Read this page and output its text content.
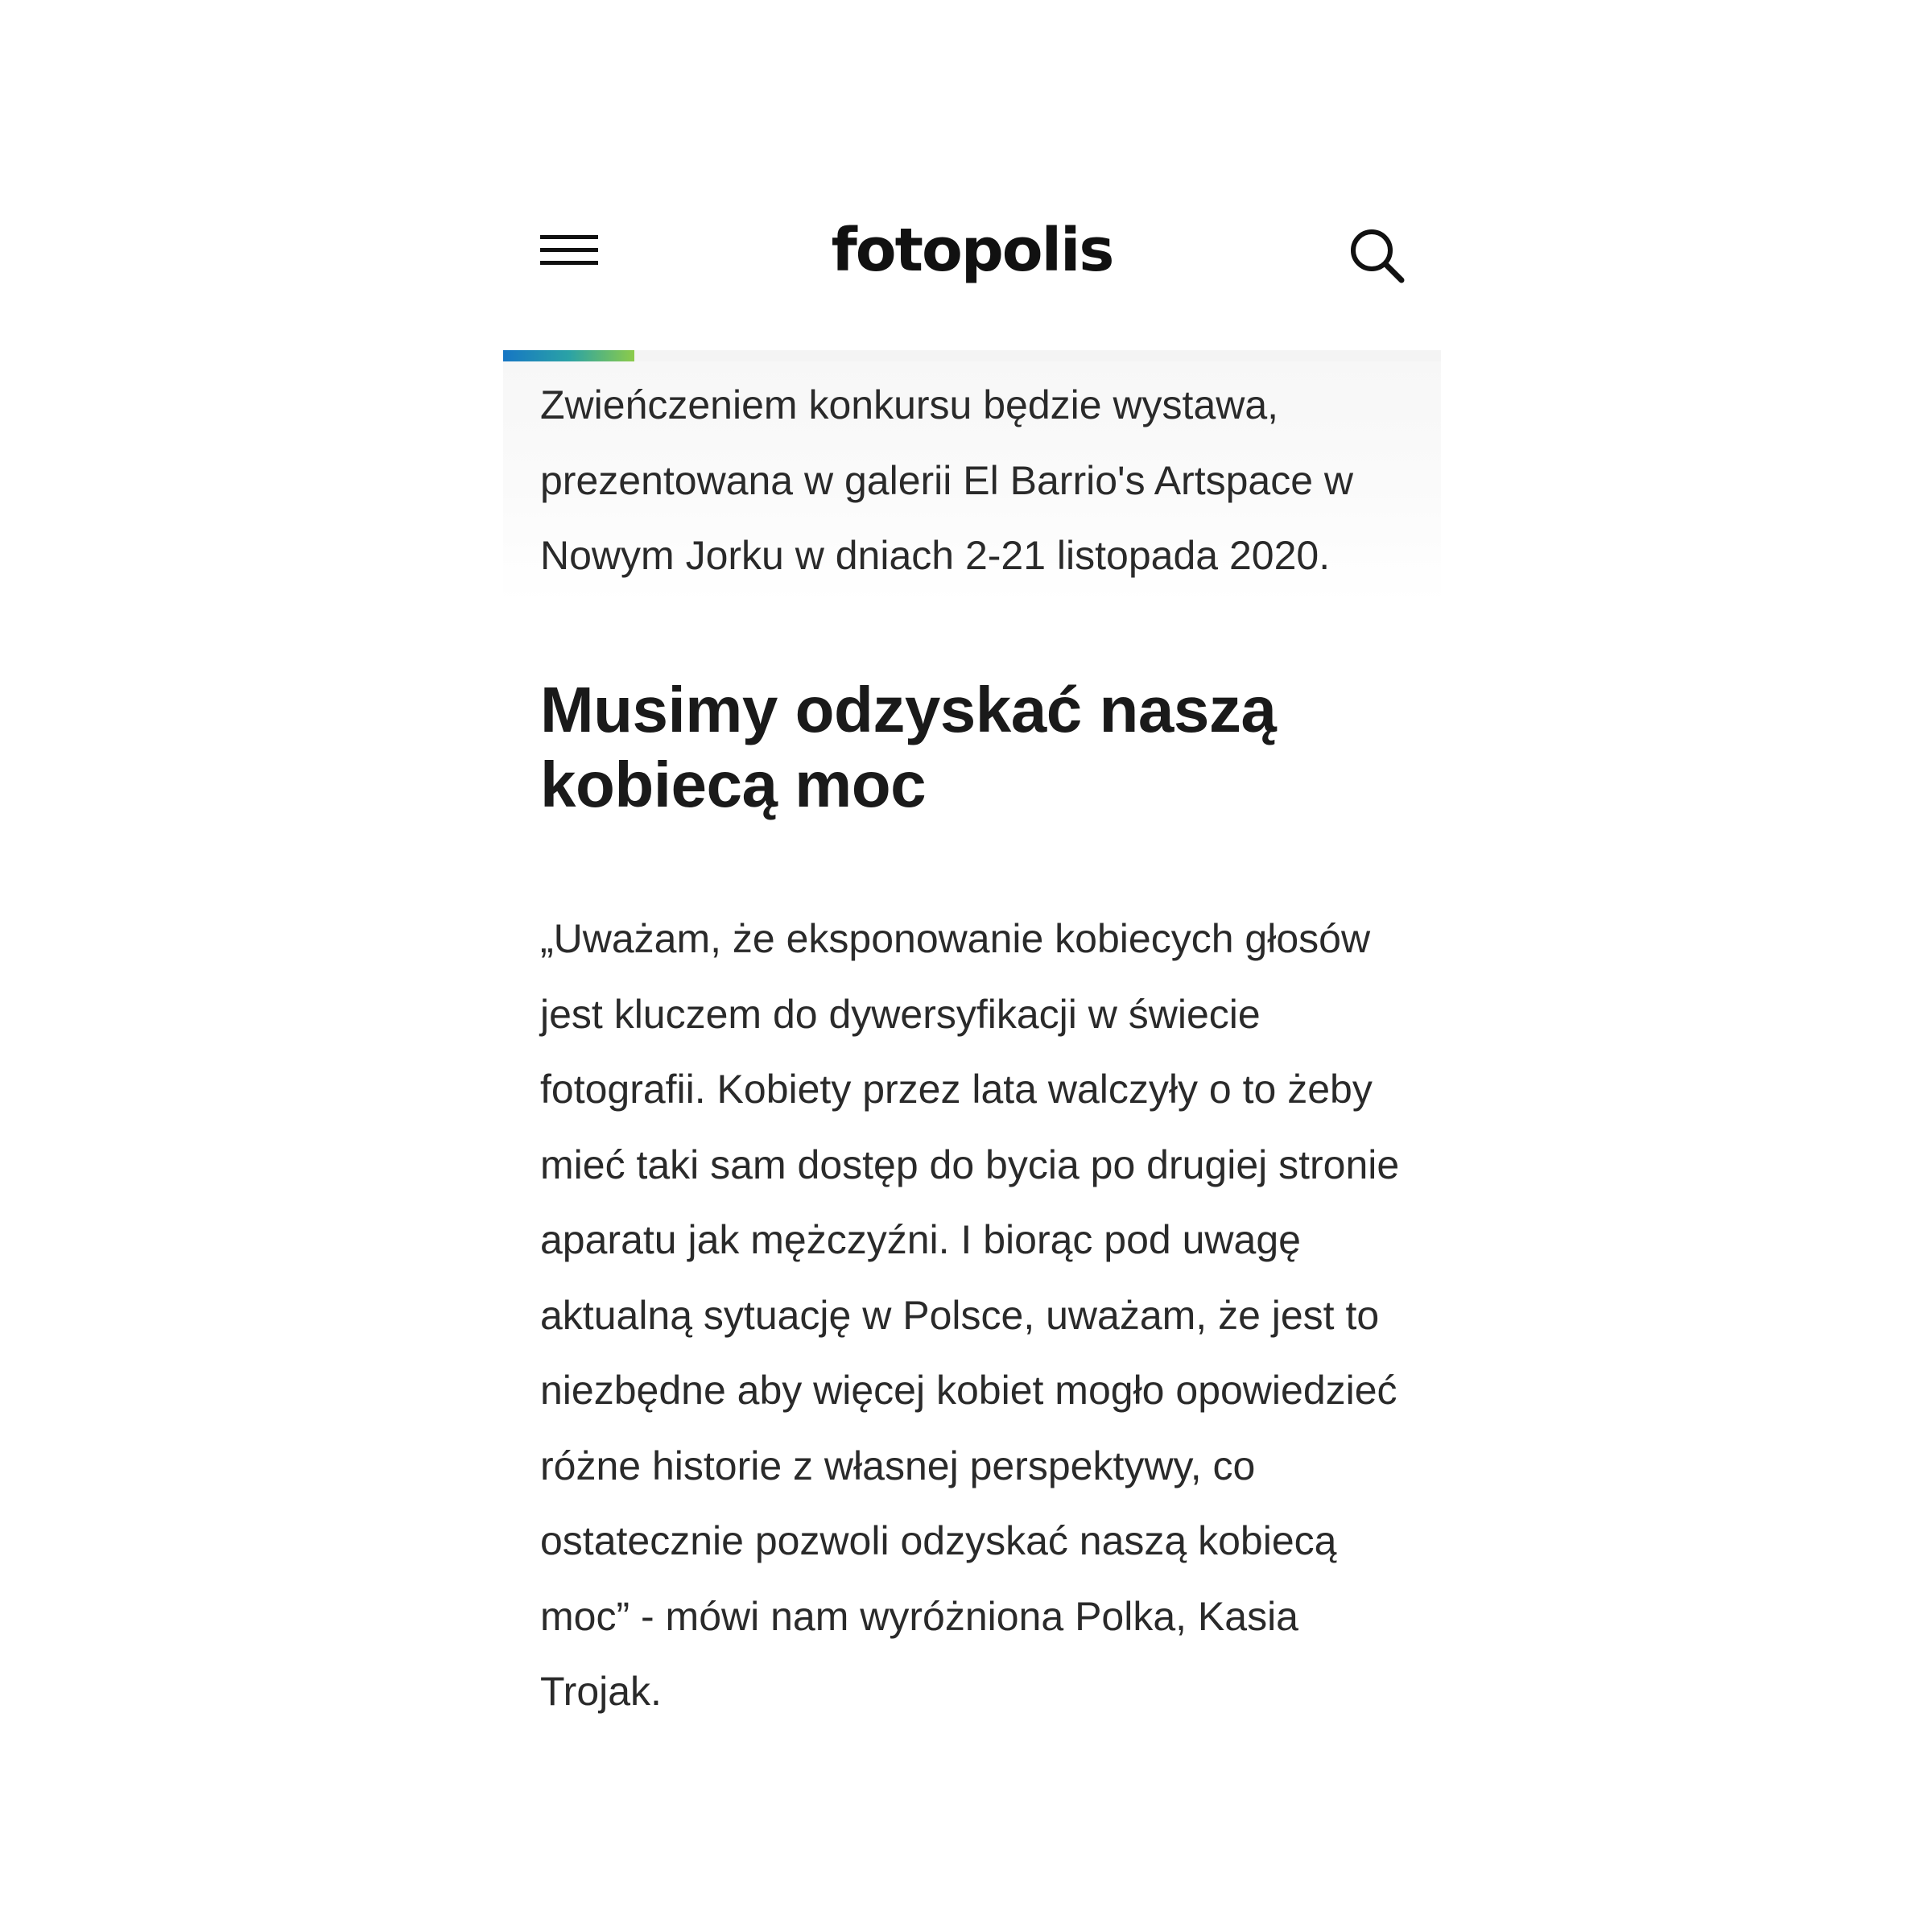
fotopolis

Zwieńczeniem konkursu będzie wystawa, prezentowana w galerii El Barrio's Artspace w Nowym Jorku w dniach 2-21 listopada 2020.

Musimy odzyskać naszą kobiecą moc

„Uważam, że eksponowanie kobiecych głosów jest kluczem do dywersyfikacji w świecie fotografii. Kobiety przez lata walczyły o to żeby mieć taki sam dostęp do bycia po drugiej stronie aparatu jak mężczyźni. I biorąc pod uwagę aktualną sytuację w Polsce, uważam, że jest to niezbędne aby więcej kobiet mogło opowiedzieć różne historie z własnej perspektywy, co ostatecznie pozwoli odzyskać naszą kobiecą moc” - mówi nam wyróżniona Polka, Kasia Trojak.
